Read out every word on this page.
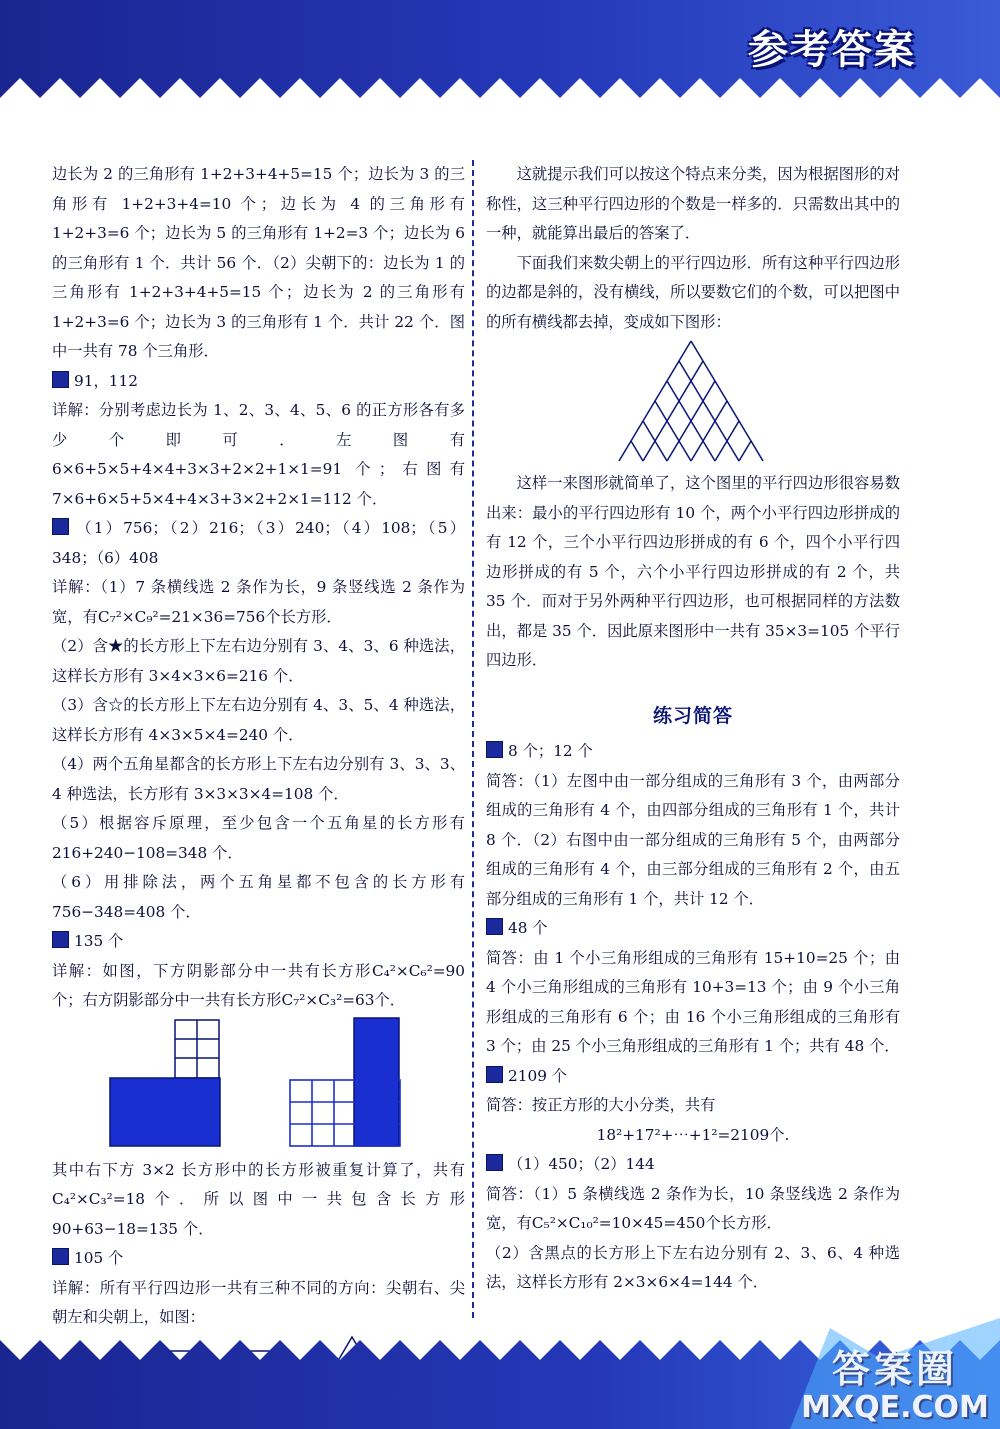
参考答案

边长为 2 的三角形有 1+2+3+4+5=15 个；边长为 3 的三角形有 1+2+3+4=10 个；边长为 4 的三角形有 1+2+3=6 个；边长为 5 的三角形有 1+2=3 个；边长为 6 的三角形有 1 个．共计 56 个．（2）尖朝下的：边长为 1 的三角形有 1+2+3+4+5=15 个；边长为 2 的三角形有 1+2+3=6 个；边长为 3 的三角形有 1 个．共计 22 个．图中一共有 78 个三角形．

91，112

详解：分别考虑边长为 1、2、3、4、5、6 的正方形各有多少个即可．左图有 6×6+5×5+4×4+3×3+2×2+1×1=91 个；右图有 7×6+6×5+5×4+4×3+3×2+2×1=112 个．

（1）756；（2）216；（3）240；（4）108；（5）348；（6）408

详解：（1）7 条横线选 2 条作为长，9 条竖线选 2 条作为宽，有C₇²×C₉²=21×36=756个长方形．

（2）含★的长方形上下左右边分别有 3、4、3、6 种选法，这样长方形有 3×4×3×6=216 个．

（3）含☆的长方形上下左右边分别有 4、3、5、4 种选法，这样长方形有 4×3×5×4=240 个．

（4）两个五角星都含的长方形上下左右边分别有 3、3、3、4 种选法，长方形有 3×3×3×4=108 个．

（5）根据容斥原理，至少包含一个五角星的长方形有 216+240−108=348 个．

（6）用排除法，两个五角星都不包含的长方形有 756−348=408 个．

135 个

详解：如图，下方阴影部分中一共有长方形C₄²×C₆²=90个；右方阴影部分中一共有长方形C₇²×C₃²=63个．

其中右下方 3×2 长方形中的长方形被重复计算了，共有C₄²×C₃²=18个．所以图中一共包含长方形 90+63−18=135 个．

105 个

详解：所有平行四边形一共有三种不同的方向：尖朝右、尖朝左和尖朝上，如图：

这就提示我们可以按这个特点来分类，因为根据图形的对称性，这三种平行四边形的个数是一样多的．只需数出其中的一种，就能算出最后的答案了．

下面我们来数尖朝上的平行四边形．所有这种平行四边形的边都是斜的，没有横线，所以要数它们的个数，可以把图中的所有横线都去掉，变成如下图形：

这样一来图形就简单了，这个图里的平行四边形很容易数出来：最小的平行四边形有 10 个，两个小平行四边形拼成的有 12 个，三个小平行四边形拼成的有 6 个，四个小平行四边形拼成的有 5 个，六个小平行四边形拼成的有 2 个，共 35 个．而对于另外两种平行四边形，也可根据同样的方法数出，都是 35 个．因此原来图形中一共有 35×3=105 个平行四边形．

练习简答

8 个；12 个

简答：（1）左图中由一部分组成的三角形有 3 个，由两部分组成的三角形有 4 个，由四部分组成的三角形有 1 个，共计 8 个．（2）右图中由一部分组成的三角形有 5 个，由两部分组成的三角形有 4 个，由三部分组成的三角形有 2 个，由五部分组成的三角形有 1 个，共计 12 个．

48 个

简答：由 1 个小三角形组成的三角形有 15+10=25 个；由 4 个小三角形组成的三角形有 10+3=13 个；由 9 个小三角形组成的三角形有 6 个；由 16 个小三角形组成的三角形有 3 个；由 25 个小三角形组成的三角形有 1 个；共有 48 个．

2109 个

简答：按正方形的大小分类，共有

18²+17²+⋯+1²=2109个.

（1）450；（2）144

简答：（1）5 条横线选 2 条作为长，10 条竖线选 2 条作为宽，有C₅²×C₁₀²=10×45=450个长方形．

（2）含黑点的长方形上下左右边分别有 2、3、6、4 种选法，这样长方形有 2×3×6×4=144 个．

答案圈
MXQE.COM
